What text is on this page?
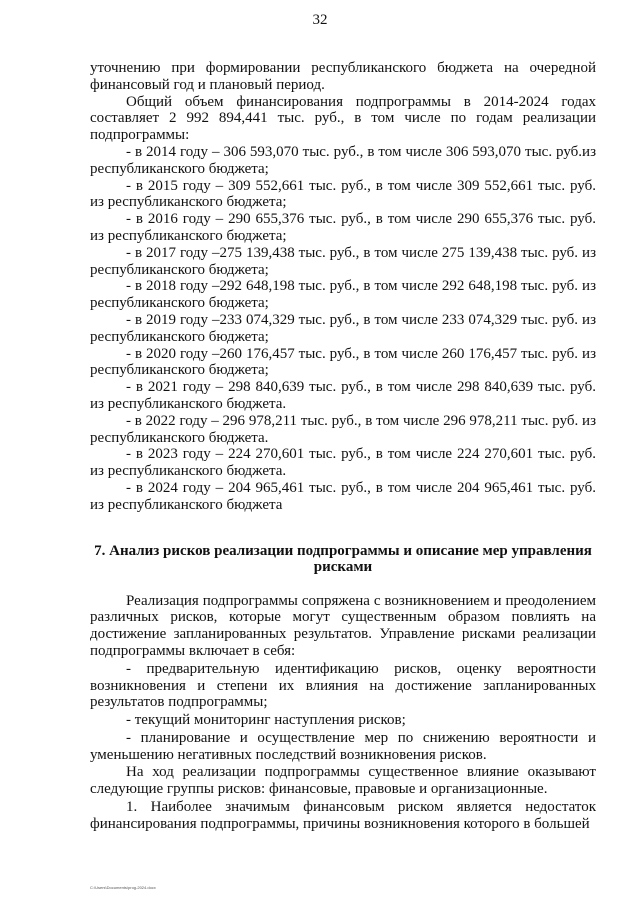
32

уточнению при формировании республиканского бюджета на очередной финансовый год и плановый период.

Общий объем финансирования подпрограммы в 2014-2024 годах составляет 2 992 894,441 тыс. руб., в том числе по годам реализации подпрограммы:

- в 2014 году – 306 593,070 тыс. руб., в том числе 306 593,070 тыс. руб.из республиканского бюджета;

- в 2015 году – 309 552,661 тыс. руб., в том числе 309 552,661 тыс. руб. из республиканского бюджета;

- в 2016 году – 290 655,376 тыс. руб., в том числе 290 655,376 тыс. руб. из республиканского бюджета;

- в 2017 году –275 139,438 тыс. руб., в том числе 275 139,438 тыс. руб. из республиканского бюджета;

- в 2018 году –292 648,198 тыс. руб., в том числе 292 648,198 тыс. руб. из республиканского бюджета;

- в 2019 году –233 074,329 тыс. руб., в том числе 233 074,329 тыс. руб. из республиканского бюджета;

- в 2020 году –260 176,457 тыс. руб., в том числе 260 176,457 тыс. руб. из республиканского бюджета;

- в 2021 году – 298 840,639 тыс. руб., в том числе 298 840,639 тыс. руб. из республиканского бюджета.

- в 2022 году – 296 978,211 тыс. руб., в том числе 296 978,211 тыс. руб. из республиканского бюджета.

- в 2023 году – 224 270,601 тыс. руб., в том числе 224 270,601 тыс. руб. из республиканского бюджета.

- в 2024 году – 204 965,461 тыс. руб., в том числе 204 965,461 тыс. руб. из республиканского бюджета

7. Анализ рисков реализации подпрограммы и описание мер управления рисками

Реализация подпрограммы сопряжена с возникновением и преодолением различных рисков, которые могут существенным образом повлиять на достижение запланированных результатов. Управление рисками реализации подпрограммы включает в себя:

- предварительную идентификацию рисков, оценку вероятности возникновения и степени их влияния на достижение запланированных результатов подпрограммы;

- текущий мониторинг наступления рисков;

- планирование и осуществление мер по снижению вероятности и уменьшению негативных последствий возникновения рисков.

На ход реализации подпрограммы существенное влияние оказывают следующие группы рисков: финансовые, правовые и организационные.

1. Наиболее значимым финансовым риском является недостаток финансирования подпрограммы, причины возникновения которого в большей

С:\Users\Documents\prog-2024.docx
